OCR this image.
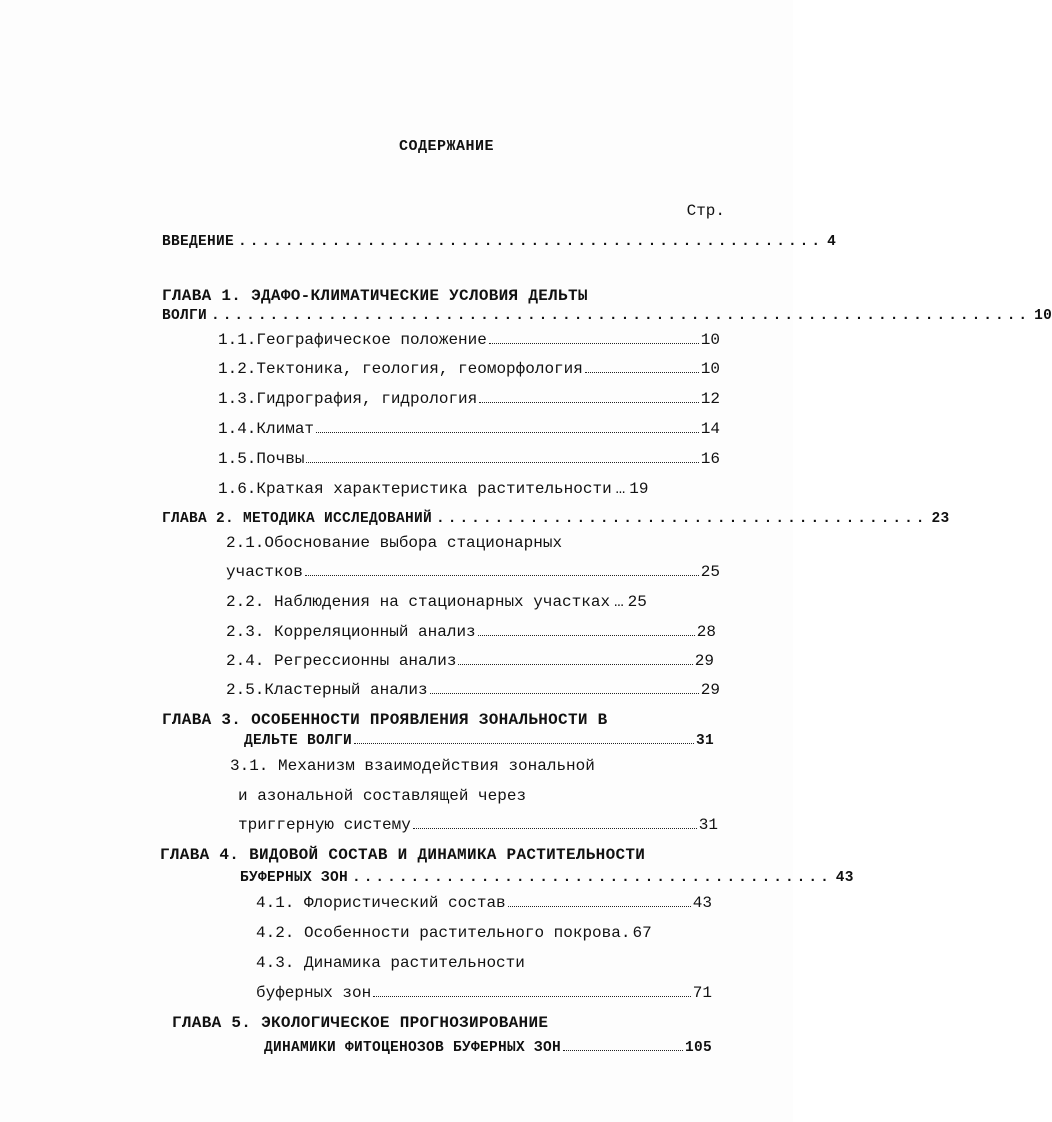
СОДЕРЖАНИЕ
Стр.
ВВЕДЕНИЕ .................................................. 4
ГЛАВА 1. ЭДАФО-КЛИМАТИЧЕСКИЕ УСЛОВИЯ ДЕЛЬТЫ
ВОЛГИ ...................................................................... 10
1.1.Географическое положение	10
1.2.Тектоника, геология, геоморфология	10
1.3.Гидрография, гидрология	12
1.4.Климат	14
1.5.Почвы	16
1.6.Краткая характеристика растительности … 19
ГЛАВА 2. МЕТОДИКА ИССЛЕДОВАНИЙ .......................................... 23
2.1.Обоснование выбора стационарных
участков	25
2.2. Наблюдения на стационарных участках … 25
2.3. Корреляционный анализ	28
2.4. Регрессионны анализ	29
2.5.Кластерный анализ	29
ГЛАВА 3. ОСОБЕННОСТИ ПРОЯВЛЕНИЯ ЗОНАЛЬНОСТИ В
ДЕЛЬТЕ ВОЛГИ	31
3.1. Механизм взаимодействия зональной
и азональной составлящей через
триггерную систему	31
ГЛАВА 4. ВИДОВОЙ СОСТАВ И ДИНАМИКА РАСТИТЕЛЬНОСТИ
БУФЕРНЫХ ЗОН ......................................... 43
4.1. Флористический состав	43
4.2. Особенности растительного покрова. 67
4.3. Динамика растительности
буферных зон	71
ГЛАВА 5. ЭКОЛОГИЧЕСКОЕ ПРОГНОЗИРОВАНИЕ
ДИНАМИКИ ФИТОЦЕНОЗОВ БУФЕРНЫХ ЗОН	105
